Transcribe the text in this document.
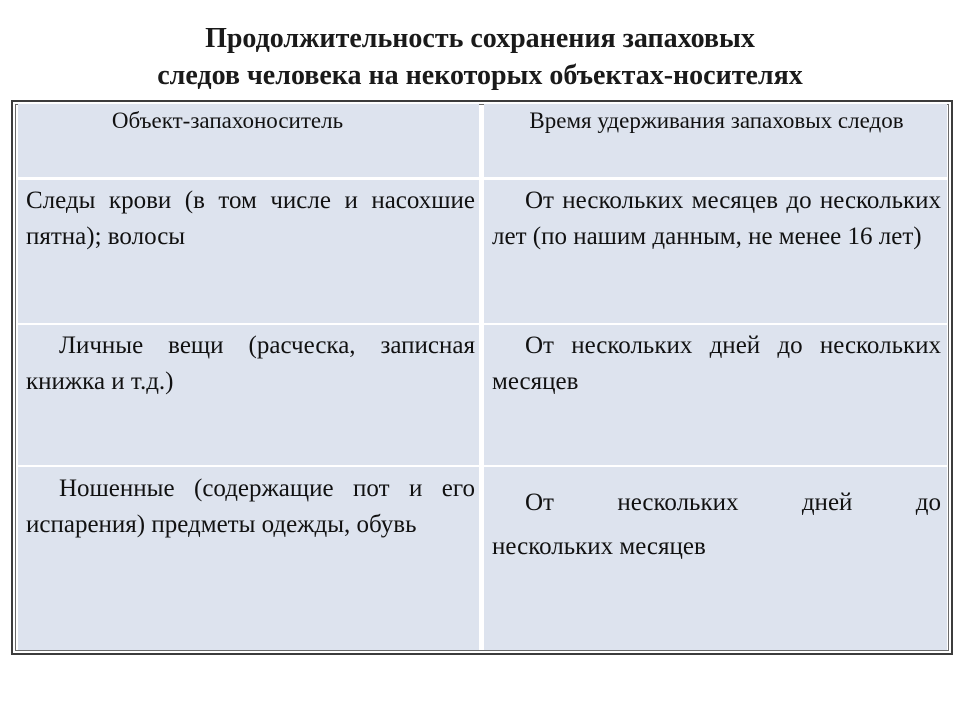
Продолжительность сохранения запаховых
следов человека на некоторых объектах-носителях
Объект-запахоноситель	Время удерживания запаховых следов
Следы крови (в том числе и насохшие пятна); волосы
От нескольких месяцев до нескольких лет (по нашим данным, не менее 16 лет)
Личные вещи (расческа, записная книжка и т.д.)
От нескольких дней до нескольких месяцев
Ношенные (содержащие пот и его испарения) предметы одежды, обувь
От нескольких дней до
нескольких месяцев
